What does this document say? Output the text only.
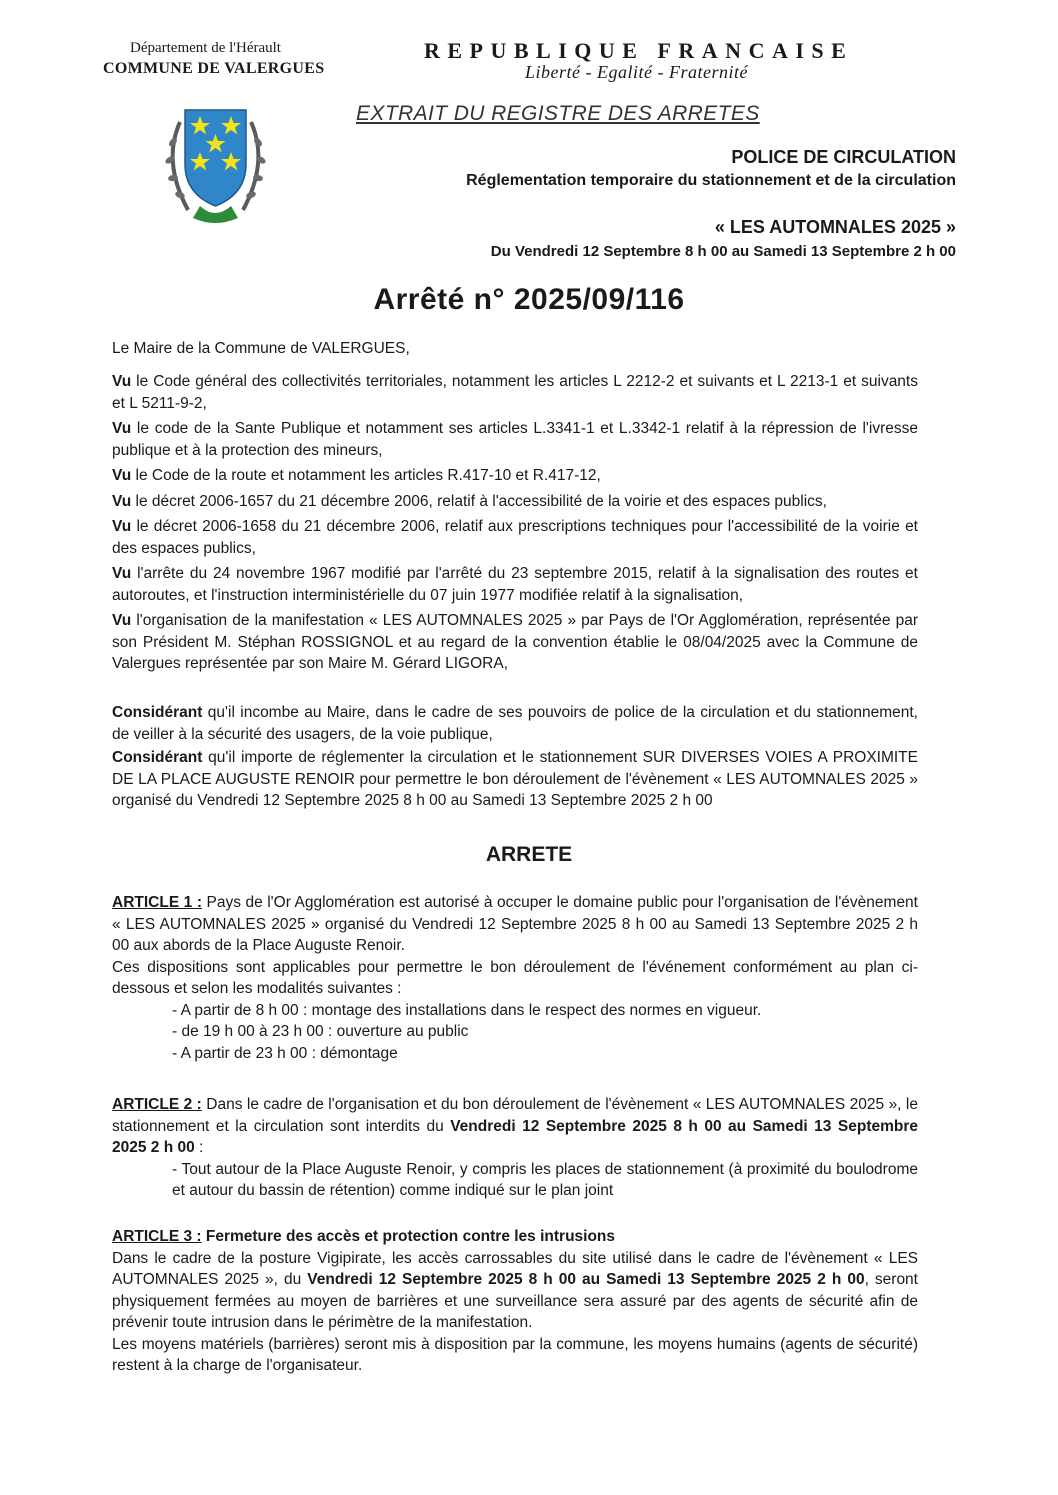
Département de l'Hérault
COMMUNE DE VALERGUES
REPUBLIQUE FRANCAISE
Liberté - Egalité - Fraternité
EXTRAIT DU REGISTRE DES ARRETES
POLICE DE CIRCULATION
Réglementation temporaire du stationnement et de la circulation
« LES AUTOMNALES 2025 »
Du Vendredi 12 Septembre 8 h 00 au Samedi 13 Septembre 2 h 00
Arrêté n° 2025/09/116
Le Maire de la Commune de VALERGUES,

Vu le Code général des collectivités territoriales, notamment les articles L 2212-2 et suivants et L 2213-1 et suivants et L 5211-9-2,

Vu le code de la Sante Publique et notamment ses articles L.3341-1 et L.3342-1 relatif à la répression de l'ivresse publique et à la protection des mineurs,

Vu le Code de la route et notamment les articles R.417-10 et R.417-12,

Vu le décret 2006-1657 du 21 décembre 2006, relatif à l'accessibilité de la voirie et des espaces publics,

Vu le décret 2006-1658 du 21 décembre 2006, relatif aux prescriptions techniques pour l'accessibilité de la voirie et des espaces publics,

Vu l'arrête du 24 novembre 1967 modifié par l'arrêté du 23 septembre 2015, relatif à la signalisation des routes et autoroutes, et l'instruction interministérielle du 07 juin 1977 modifiée relatif à la signalisation,

Vu l'organisation de la manifestation « LES AUTOMNALES 2025 » par Pays de l'Or Agglomération, représentée par son Président M. Stéphan ROSSIGNOL et au regard de la convention établie le 08/04/2025 avec la Commune de Valergues représentée par son Maire M. Gérard LIGORA,

Considérant qu'il incombe au Maire, dans le cadre de ses pouvoirs de police de la circulation et du stationnement, de veiller à la sécurité des usagers, de la voie publique,

Considérant qu'il importe de réglementer la circulation et le stationnement SUR DIVERSES VOIES A PROXIMITE DE LA PLACE AUGUSTE RENOIR pour permettre le bon déroulement de l'évènement « LES AUTOMNALES 2025 » organisé du Vendredi 12 Septembre 2025 8 h 00 au Samedi 13 Septembre 2025 2 h 00

ARRETE

ARTICLE 1 : Pays de l'Or Agglomération est autorisé à occuper le domaine public pour l'organisation de l'évènement « LES AUTOMNALES 2025 » organisé du Vendredi 12 Septembre 2025 8 h 00 au Samedi 13 Septembre 2025 2 h 00 aux abords de la Place Auguste Renoir.

Ces dispositions sont applicables pour permettre le bon déroulement de l'événement conformément au plan ci-dessous et selon les modalités suivantes :

- A partir de 8 h 00 : montage des installations dans le respect des normes en vigueur.

- de 19 h 00 à 23 h 00 : ouverture au public

- A partir de 23 h 00 : démontage

ARTICLE 2 : Dans le cadre de l'organisation et du bon déroulement de l'évènement « LES AUTOMNALES 2025 », le stationnement et la circulation sont interdits du Vendredi 12 Septembre 2025 8 h 00 au Samedi 13 Septembre 2025 2 h 00 :

- Tout autour de la Place Auguste Renoir, y compris les places de stationnement (à proximité du boulodrome et autour du bassin de rétention) comme indiqué sur le plan joint

ARTICLE 3 : Fermeture des accès et protection contre les intrusions

Dans le cadre de la posture Vigipirate, les accès carrossables du site utilisé dans le cadre de l'évènement « LES AUTOMNALES 2025 », du Vendredi 12 Septembre 2025 8 h 00 au Samedi 13 Septembre 2025 2 h 00, seront physiquement fermées au moyen de barrières et une surveillance sera assuré par des agents de sécurité afin de prévenir toute intrusion dans le périmètre de la manifestation.

Les moyens matériels (barrières) seront mis à disposition par la commune, les moyens humains (agents de sécurité) restent à la charge de l'organisateur.
